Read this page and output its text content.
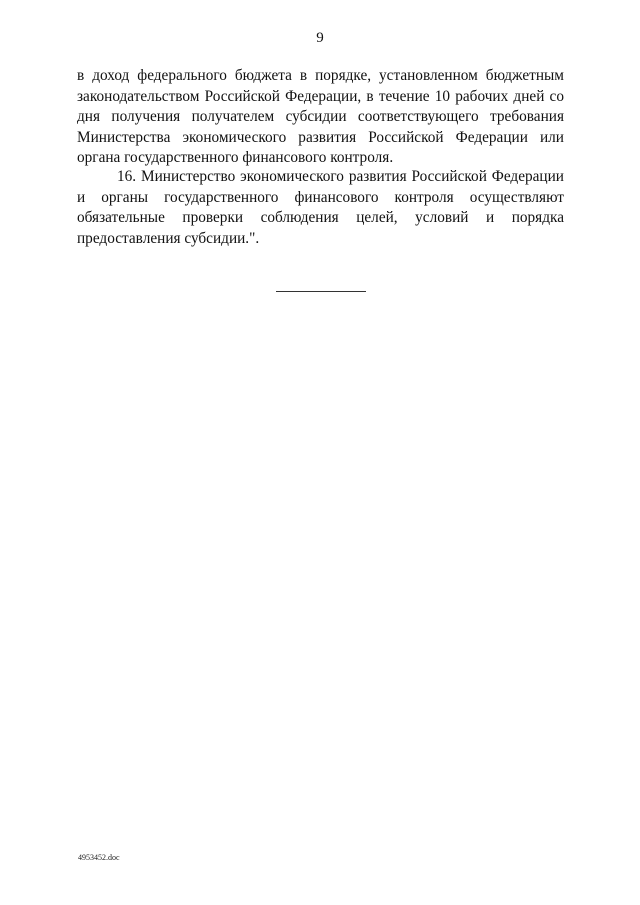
9

в доход федерального бюджета в порядке, установленном бюджетным законодательством Российской Федерации, в течение 10 рабочих дней со дня получения получателем субсидии соответствующего требования Министерства экономического развития Российской Федерации или органа государственного финансового контроля.

16. Министерство экономического развития Российской Федерации и органы государственного финансового контроля осуществляют обязательные проверки соблюдения целей, условий и порядка предоставления субсидии.".

4953452.doc
